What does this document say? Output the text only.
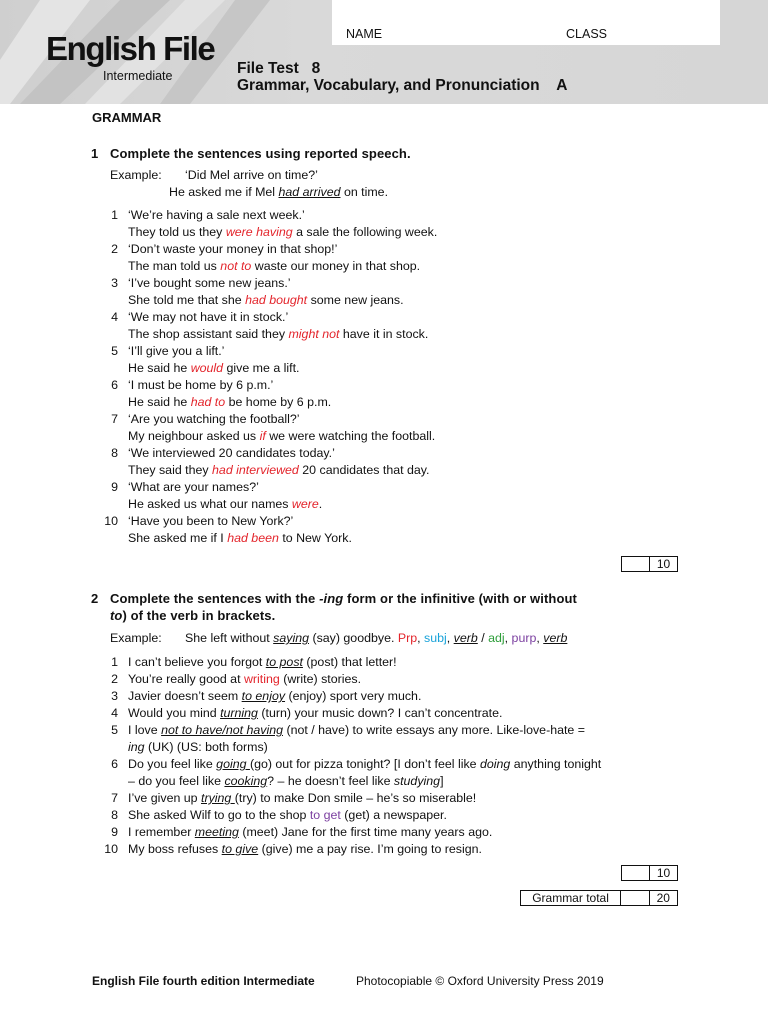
English File
Intermediate
NAME	CLASS
File Test   8
Grammar, Vocabulary, and Pronunciation    A
GRAMMAR
1 Complete the sentences using reported speech.
Example: ‘Did Mel arrive on time?’
He asked me if Mel had arrived on time.
1 ‘We’re having a sale next week.’
They told us they were having a sale the following week.
2 ‘Don’t waste your money in that shop!’
The man told us not to waste our money in that shop.
3 ‘I’ve bought some new jeans.’
She told me that she had bought some new jeans.
4 ‘We may not have it in stock.’
The shop assistant said they might not have it in stock.
5 ‘I’ll give you a lift.’
He said he would give me a lift.
6 ‘I must be home by 6 p.m.’
He said he had to be home by 6 p.m.
7 ‘Are you watching the football?’
My neighbour asked us if we were watching the football.
8 ‘We interviewed 20 candidates today.’
They said they had interviewed 20 candidates that day.
9 ‘What are your names?’
He asked us what our names were.
10 ‘Have you been to New York?’
She asked me if I had been to New York.
10
2 Complete the sentences with the -ing form or the infinitive (with or without
to) of the verb in brackets.
Example: She left without saying (say) goodbye. Prp, subj, verb / adj, purp, verb
1 I can’t believe you forgot to post (post) that letter!
2 You’re really good at writing (write) stories.
3 Javier doesn’t seem to enjoy (enjoy) sport very much.
4 Would you mind turning (turn) your music down? I can’t concentrate.
5 I love not to have/not having (not / have) to write essays any more. Like-love-hate =
ing (UK) (US: both forms)
6 Do you feel like going (go) out for pizza tonight? [I don’t feel like doing anything tonight
– do you feel like cooking? – he doesn’t feel like studying]
7 I’ve given up trying (try) to make Don smile – he’s so miserable!
8 She asked Wilf to go to the shop to get (get) a newspaper.
9 I remember meeting (meet) Jane for the first time many years ago.
10 My boss refuses to give (give) me a pay rise. I’m going to resign.
10
Grammar total	20
English File fourth edition Intermediate	Photocopiable © Oxford University Press 2019
